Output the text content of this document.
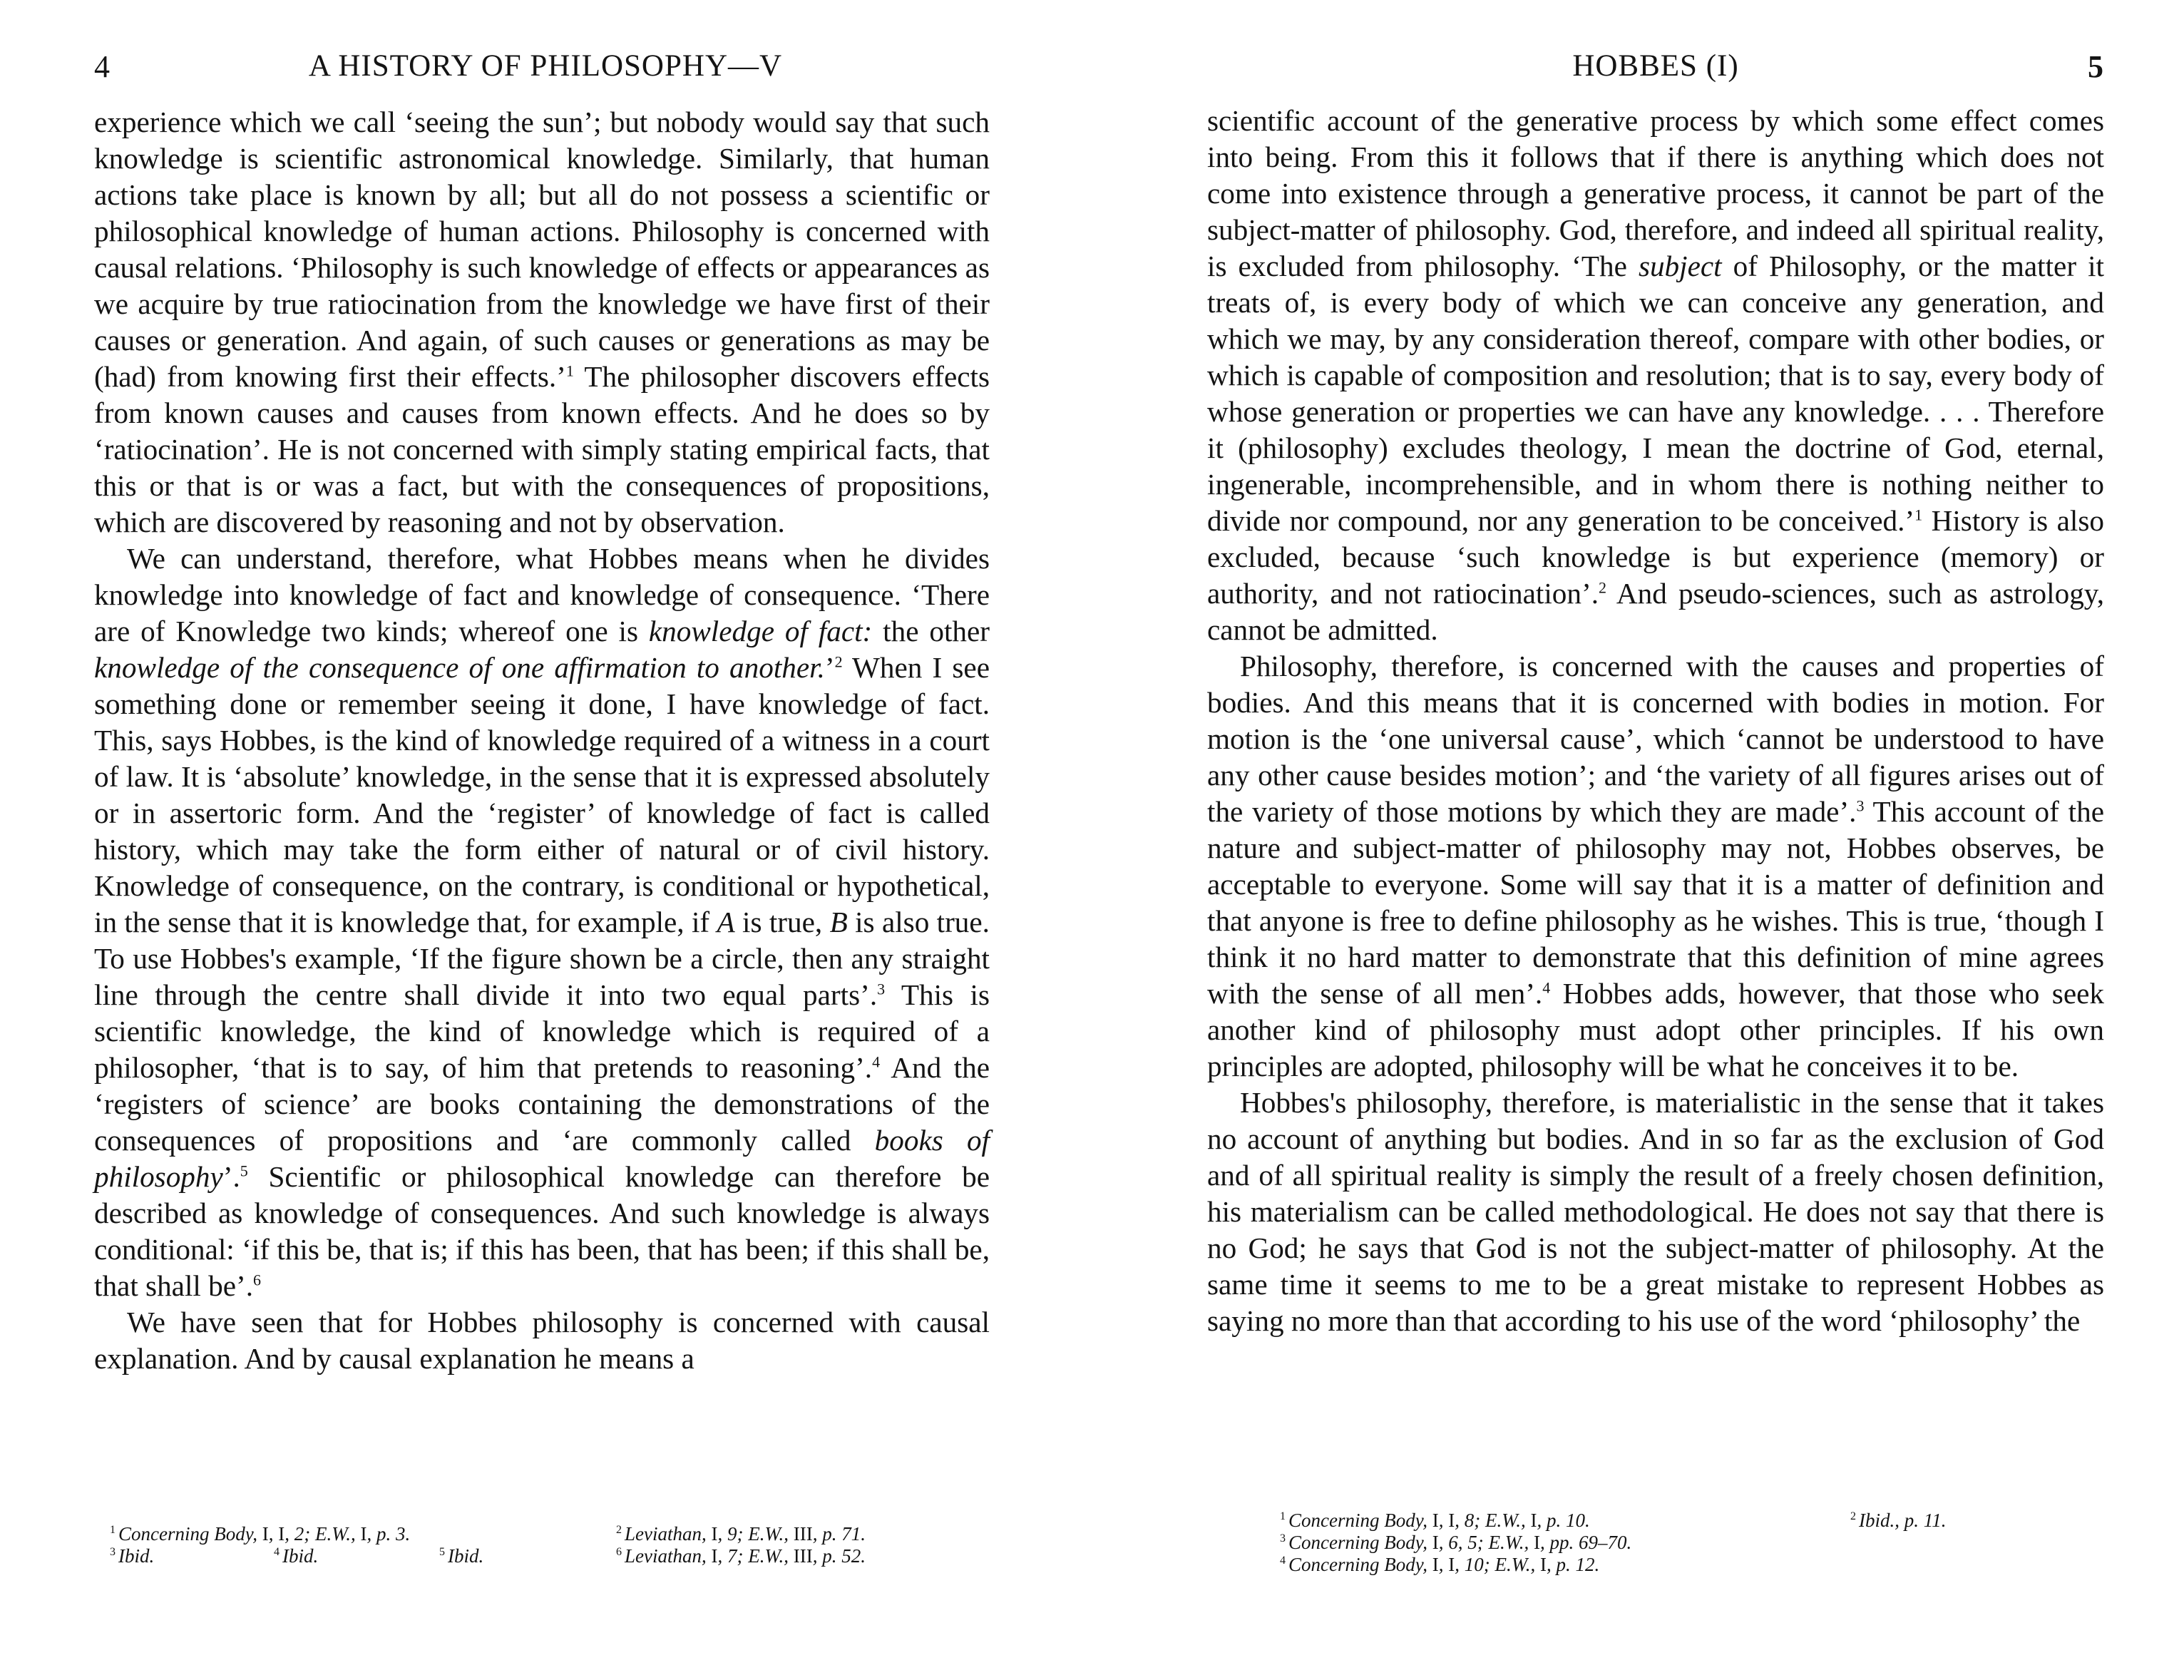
4	A HISTORY OF PHILOSOPHY—V

experience which we call ‘seeing the sun’; but nobody would say that such knowledge is scientific astronomical knowledge. Similarly, that human actions take place is known by all; but all do not possess a scientific or philosophical knowledge of human actions. Philosophy is concerned with causal relations. ‘Philosophy is such knowledge of effects or appearances as we acquire by true ratiocination from the knowledge we have first of their causes or generation. And again, of such causes or generations as may be (had) from knowing first their effects.’$^1$ The philosopher discovers effects from known causes and causes from known effects. And he does so by ‘ratiocination’. He is not concerned with simply stating empirical facts, that this or that is or was a fact, but with the consequences of propositions, which are discovered by reasoning and not by observation.

We can understand, therefore, what Hobbes means when he divides knowledge into knowledge of fact and knowledge of consequence. ‘There are of Knowledge two kinds; whereof one is knowledge of fact: the other knowledge of the consequence of one affirmation to another.’$^2$ When I see something done or remember seeing it done, I have knowledge of fact. This, says Hobbes, is the kind of knowledge required of a witness in a court of law. It is ‘absolute’ knowledge, in the sense that it is expressed absolutely or in assertoric form. And the ‘register’ of knowledge of fact is called history, which may take the form either of natural or of civil history. Knowledge of consequence, on the contrary, is conditional or hypothetical, in the sense that it is knowledge that, for example, if A is true, B is also true. To use Hobbes's example, ‘If the figure shown be a circle, then any straight line through the centre shall divide it into two equal parts’.$^3$ This is scientific knowledge, the kind of knowledge which is required of a philosopher, ‘that is to say, of him that pretends to reasoning’.$^4$ And the ‘registers of science’ are books containing the demonstrations of the consequences of propositions and ‘are commonly called books of philosophy’.$^5$ Scientific or philosophical knowledge can therefore be described as knowledge of consequences. And such knowledge is always conditional: ‘if this be, that is; if this has been, that has been; if this shall be, that shall be’.$^6$

We have seen that for Hobbes philosophy is concerned with causal explanation. And by causal explanation he means a

$^1$ Concerning Body, I, I, 2; E.W., I, p. 3.	$^2$ Leviathan, I, 9; E.W., III, p. 71.
$^3$ Ibid.	$^4$ Ibid.	$^5$ Ibid.	$^6$ Leviathan, I, 7; E.W., III, p. 52.
HOBBES (I)	5

scientific account of the generative process by which some effect comes into being. From this it follows that if there is anything which does not come into existence through a generative process, it cannot be part of the subject-matter of philosophy. God, therefore, and indeed all spiritual reality, is excluded from philosophy. ‘The subject of Philosophy, or the matter it treats of, is every body of which we can conceive any generation, and which we may, by any consideration thereof, compare with other bodies, or which is capable of composition and resolution; that is to say, every body of whose generation or properties we can have any knowledge. . . . Therefore it (philosophy) excludes theology, I mean the doctrine of God, eternal, ingenerable, incomprehensible, and in whom there is nothing neither to divide nor compound, nor any generation to be conceived.’$^1$ History is also excluded, because ‘such knowledge is but experience (memory) or authority, and not ratiocination’.$^2$ And pseudo-sciences, such as astrology, cannot be admitted.

Philosophy, therefore, is concerned with the causes and properties of bodies. And this means that it is concerned with bodies in motion. For motion is the ‘one universal cause’, which ‘cannot be understood to have any other cause besides motion’; and ‘the variety of all figures arises out of the variety of those motions by which they are made’.$^3$ This account of the nature and subject-matter of philosophy may not, Hobbes observes, be acceptable to everyone. Some will say that it is a matter of definition and that anyone is free to define philosophy as he wishes. This is true, ‘though I think it no hard matter to demonstrate that this definition of mine agrees with the sense of all men’.$^4$ Hobbes adds, however, that those who seek another kind of philosophy must adopt other principles. If his own principles are adopted, philosophy will be what he conceives it to be.

Hobbes's philosophy, therefore, is materialistic in the sense that it takes no account of anything but bodies. And in so far as the exclusion of God and of all spiritual reality is simply the result of a freely chosen definition, his materialism can be called methodological. He does not say that there is no God; he says that God is not the subject-matter of philosophy. At the same time it seems to me to be a great mistake to represent Hobbes as saying no more than that according to his use of the word ‘philosophy’ the

$^1$ Concerning Body, I, I, 8; E.W., I, p. 10.	$^2$ Ibid., p. 11.
$^3$ Concerning Body, I, 6, 5; E.W., I, pp. 69–70.
$^4$ Concerning Body, I, I, 10; E.W., I, p. 12.
